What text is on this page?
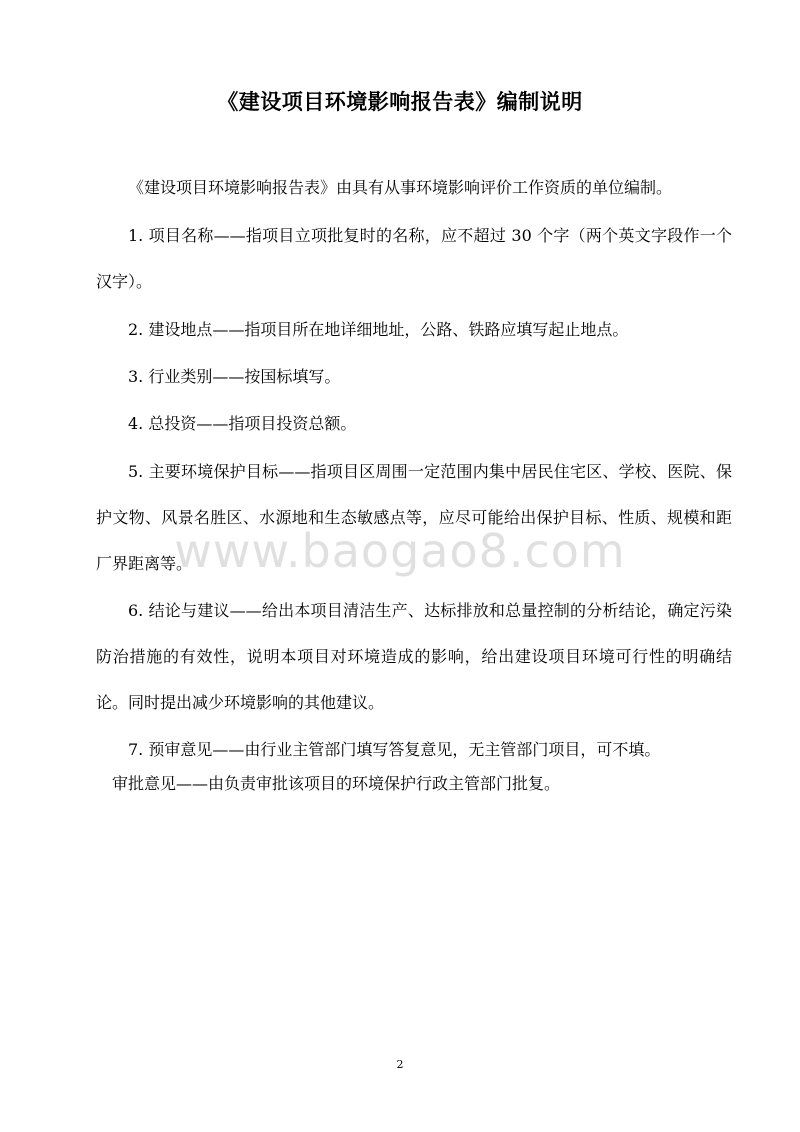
《建设项目环境影响报告表》编制说明
《建设项目环境影响报告表》由具有从事环境影响评价工作资质的单位编制。
1. 项目名称——指项目立项批复时的名称，应不超过 30 个字（两个英文字段作一个汉字）。
2. 建设地点——指项目所在地详细地址，公路、铁路应填写起止地点。
3. 行业类别——按国标填写。
4. 总投资——指项目投资总额。
5. 主要环境保护目标——指项目区周围一定范围内集中居民住宅区、学校、医院、保护文物、风景名胜区、水源地和生态敏感点等，应尽可能给出保护目标、性质、规模和距厂界距离等。
6. 结论与建议——给出本项目清洁生产、达标排放和总量控制的分析结论，确定污染防治措施的有效性，说明本项目对环境造成的影响，给出建设项目环境可行性的明确结论。同时提出减少环境影响的其他建议。
7. 预审意见——由行业主管部门填写答复意见，无主管部门项目，可不填。
审批意见——由负责审批该项目的环境保护行政主管部门批复。
www.baogao8.com
2
